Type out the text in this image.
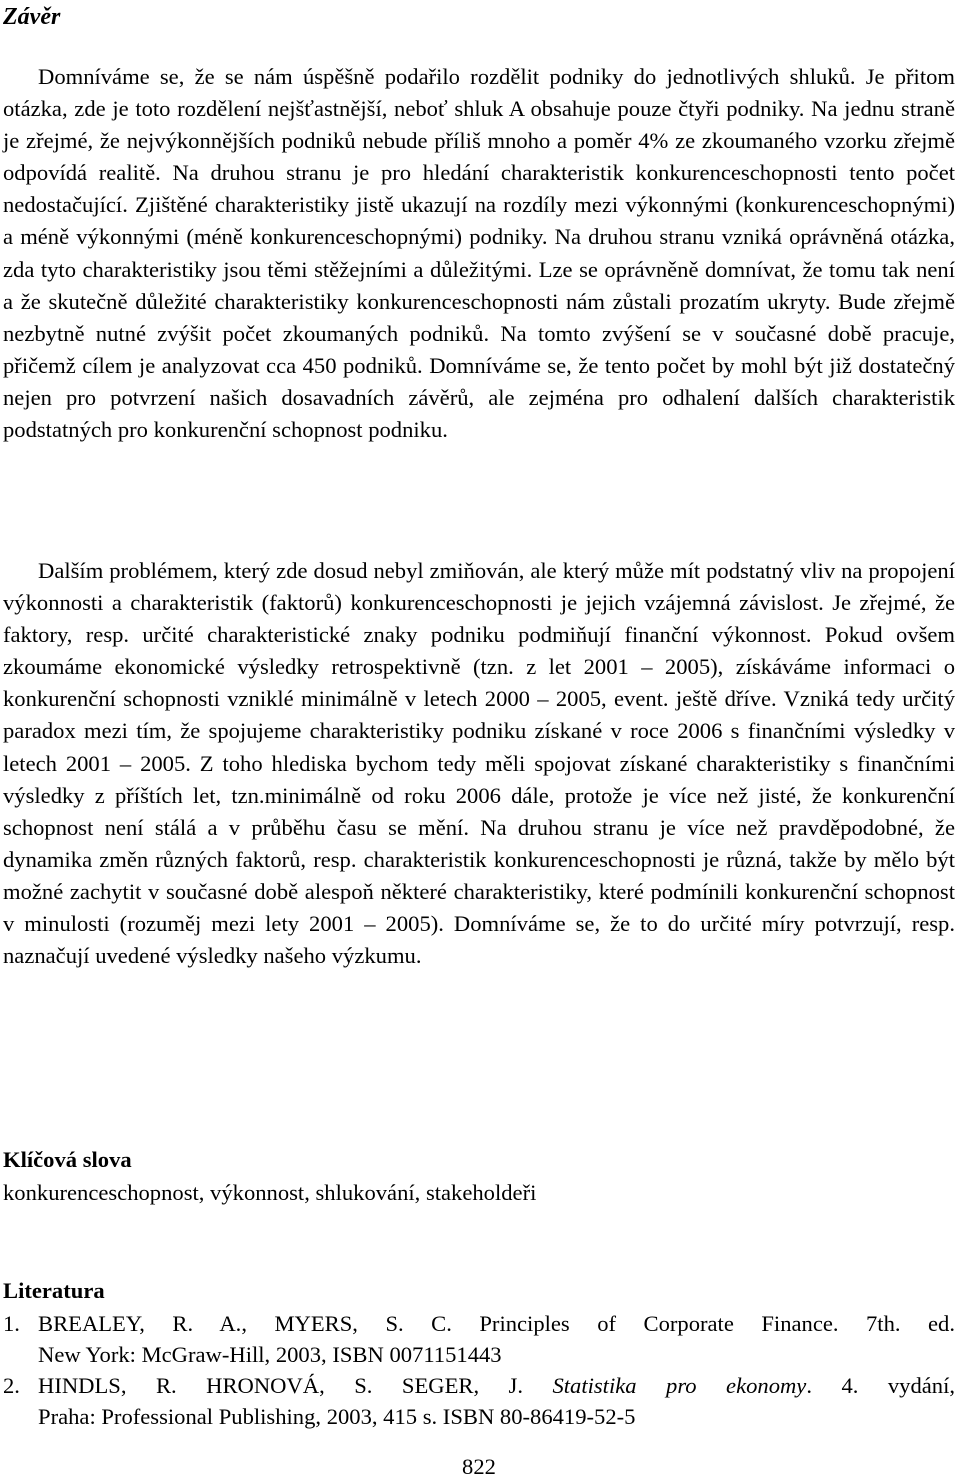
Závěr

Domníváme se, že se nám úspěšně podařilo rozdělit podniky do jednotlivých shluků. Je přitom otázka, zde je toto rozdělení nejšťastnější, neboť shluk A obsahuje pouze čtyři podniky. Na jednu straně je zřejmé, že nejvýkonnějších podniků nebude příliš mnoho a poměr 4% ze zkoumaného vzorku zřejmě odpovídá realitě. Na druhou stranu je pro hledání charakteristik konkurenceschopnosti tento počet nedostačující. Zjištěné charakteristiky jistě ukazují na rozdíly mezi výkonnými (konkurenceschopnými) a méně výkonnými (méně konkurenceschopnými) podniky. Na druhou stranu vzniká oprávněná otázka, zda tyto charakteristiky jsou těmi stěžejními a důležitými. Lze se oprávněně domnívat, že tomu tak není a že skutečně důležité charakteristiky konkurenceschopnosti nám zůstali prozatím ukryty. Bude zřejmě nezbytně nutné zvýšit počet zkoumaných podniků. Na tomto zvýšení se v současné době pracuje, přičemž cílem je analyzovat cca 450 podniků. Domníváme se, že tento počet by mohl být již dostatečný nejen pro potvrzení našich dosavadních závěrů, ale zejména pro odhalení dalších charakteristik podstatných pro konkurenční schopnost podniku.

Dalším problémem, který zde dosud nebyl zmiňován, ale který může mít podstatný vliv na propojení výkonnosti a charakteristik (faktorů) konkurenceschopnosti je jejich vzájemná závislost. Je zřejmé, že faktory, resp. určité charakteristické znaky podniku podmiňují finanční výkonnost. Pokud ovšem zkoumáme ekonomické výsledky retrospektivně (tzn. z let 2001 – 2005), získáváme informaci o konkurenční schopnosti vzniklé minimálně v letech 2000 – 2005, event. ještě dříve. Vzniká tedy určitý paradox mezi tím, že spojujeme charakteristiky podniku získané v roce 2006 s finančními výsledky v letech 2001 – 2005. Z toho hlediska bychom tedy měli spojovat získané charakteristiky s finančními výsledky z příštích let, tzn.minimálně od roku 2006 dále, protože je více než jisté, že konkurenční schopnost není stálá a v průběhu času se mění. Na druhou stranu je více než pravděpodobné, že dynamika změn různých faktorů, resp. charakteristik konkurenceschopnosti je různá, takže by mělo být možné zachytit v současné době alespoň některé charakteristiky, které podmínili konkurenční schopnost v minulosti (rozuměj mezi lety 2001 – 2005). Domníváme se, že to do určité míry potvrzují, resp. naznačují uvedené výsledky našeho výzkumu.

Klíčová slova

konkurenceschopnost, výkonnost, shlukování, stakeholdeři

Literatura

1. BREALEY, R. A., MYERS, S. C. Principles of Corporate Finance. 7th. ed.
New York: McGraw-Hill, 2003, ISBN 0071151443
2. HINDLS, R. HRONOVÁ, S. SEGER, J. Statistika pro ekonomy. 4. vydání,
Praha: Professional Publishing, 2003, 415 s. ISBN 80-86419-52-5
822
